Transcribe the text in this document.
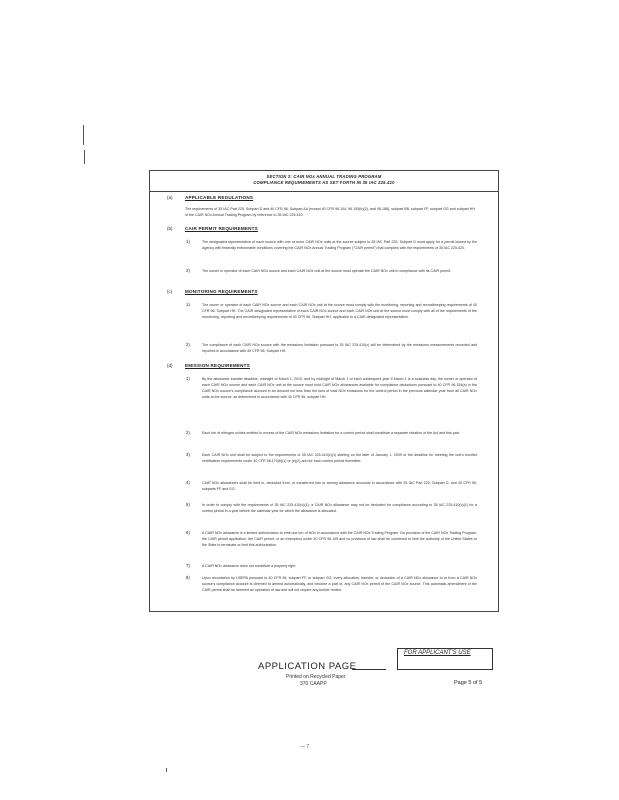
SECTION 2: CAIR NOx ANNUAL TRADING PROGRAM
COMPLIANCE REQUIREMENTS AS SET FORTH IN 35 IAC 225.410
(a)	APPLICABLE REGULATIONS
The requirements of 35 IAC Part 225, Subpart D and 40 CFR 96, Subpart AA (except 40 CFR 96.104, 96.105(b)(2), and 96.188), subpart BB, subpart FF, subpart GG and subpart HH of the CAIR NOx Annual Trading Program by reference to 35 IAC 225.410.
(b)	CAIR PERMIT REQUIREMENTS
1)	The designated representative of each source with one or more CAIR NOx units at the source subject to 35 IAC Part 225, Subpart D must apply for a permit issued by the Agency with federally enforceable conditions covering the CAIR NOx Annual Trading Program ("CAIR permit") that complies with the requirements of 35 IAC 225.420.
2)	The owner or operator of each CAIR NOx source and each CAIR NOx unit at the source must operate the CAIR NOx unit in compliance with its CAIR permit.
(c)	MONITORING REQUIREMENTS
1)	The owner or operator of each CAIR NOx source and each CAIR NOx unit at the source must comply with the monitoring, reporting and recordkeeping requirements of 40 CFR 96, Subpart HH. The CAIR designated representative of each CAIR NOx source and each CAIR NOx unit at the source must comply with all of the requirements of the monitoring, reporting and recordkeeping requirements of 40 CFR 96, Subpart HH, applicable to a CAIR designated representative.
2)	The compliance of each CAIR NOx source with the emissions limitation pursuant to 35 IAC 225.410(c) will be determined by the emissions measurements recorded and reported in accordance with 40 CFR 96, Subpart HH.
(d)	EMISSION REQUIREMENTS
1)	By the allowance transfer deadline, midnight of March 1, 2010, and by midnight of March 1 of each subsequent year if March 1 is a business day, the owner or operator of each CAIR NOx source and each CAIR NOx unit at the source must hold CAIR NOx allowances available for compliance deductions pursuant to 40 CFR 96.154(a) in the CAIR NOx source's compliance account in an amount not less than the tons of total NOx emissions for the control period in the previous calendar year from all CAIR NOx units at the source, as determined in accordance with 40 CFR 96, subpart HH.
2)	Each ton of nitrogen oxides emitted in excess of the CAIR NOx emissions limitation for a control period shall constitute a separate violation of the Act and this part.
3)	Each CAIR NOx unit shall be subject to the requirements of 35 IAC 225.410(c)(1) starting on the later of January 1, 2009 or the deadline for meeting the unit's monitor certification requirements under 40 CFR 96.170(b)(1) or (b)(2) and for each control period thereafter.
4)	CAIR NOx allowances shall be held in, deducted from, or transferred into or among allowance accounts in accordance with 35 IAC Part 225, Subpart D, and 40 CFR 96, subparts FF and GG.
5)	In order to comply with the requirements of 35 IAC 225.410(c)(1), a CAIR NOx allowance may not be deducted for compliance according to 35 IAC 225.410(c)(1) for a control period in a year before the calendar year for which the allowance is allocated.
6)	A CAIR NOx allowance is a limited authorization to emit one ton of NOx in accordance with the CAIR NOx Trading Program. No provision of the CAIR NOx Trading Program, the CAIR permit application, the CAIR permit, or an exemption under 40 CFR 96.105 and no provision of law shall be construed to limit the authority of the United States or the State to terminate or limit this authorization.
7)	A CAIR NOx allowance does not constitute a property right.
8)	Upon recordation by USEPA pursuant to 40 CFR 96, subpart FF, or subpart GG, every allocation, transfer, or deduction of a CAIR NOx allowance to or from a CAIR NOx source's compliance account is deemed to amend automatically, and become a part of, any CAIR NOx permit of the CAIR NOx source. This automatic amendment of the CAIR permit shall be deemed an operation of law and will not require any further review.
APPLICATION PAGE
Printed on Recycled Paper
370 CAAPP
FOR APPLICANT'S USE
Page 5 of 5
— 7
